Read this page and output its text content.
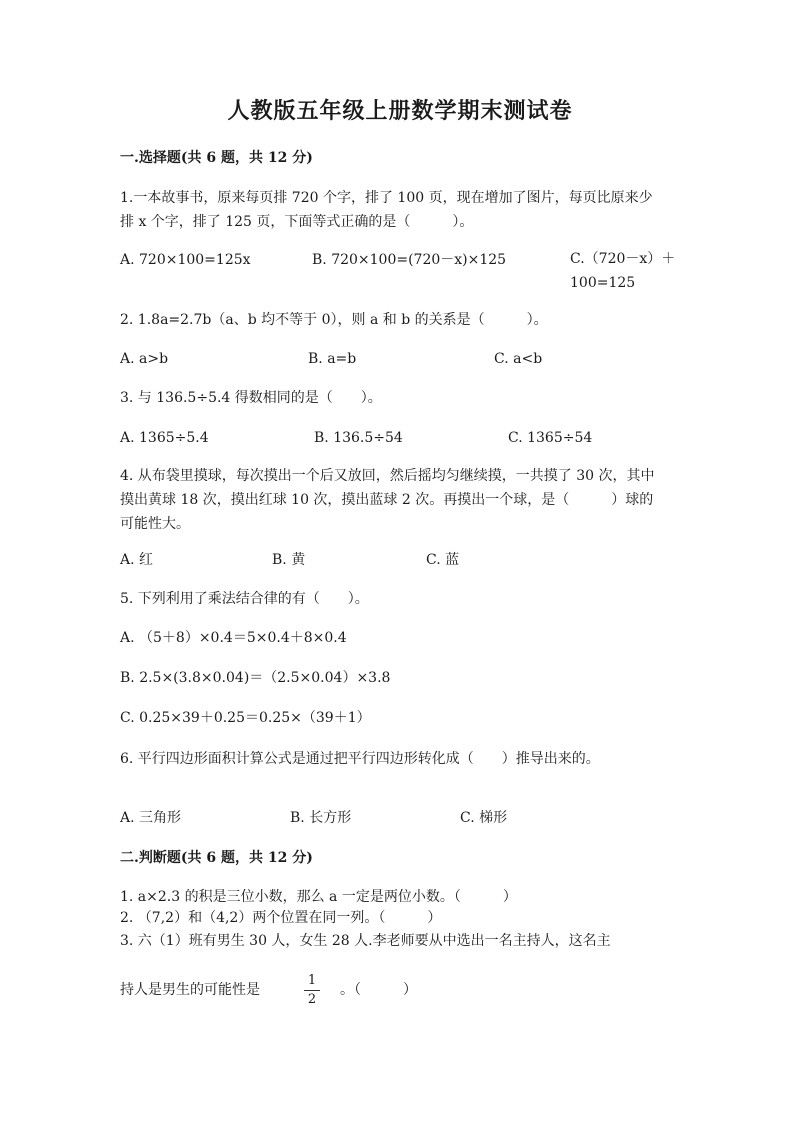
人教版五年级上册数学期末测试卷
一.选择题(共 6 题，共 12 分)
1.一本故事书，原来每页排 720 个字，排了 100 页，现在增加了图片，每页比原来少排 x 个字，排了 125 页，下面等式正确的是（　　　）。
A. 720×100=125x	B. 720×100=(720－x)×125	C.（720－x）＋100=125
2. 1.8a=2.7b（a、b 均不等于 0），则 a 和 b 的关系是（　　　）。
A. a>b	B. a=b	C. a<b
3. 与 136.5÷5.4 得数相同的是（　　）。
A. 1365÷5.4	B. 136.5÷54	C. 1365÷54
4. 从布袋里摸球，每次摸出一个后又放回，然后摇均匀继续摸，一共摸了 30 次，其中摸出黄球 18 次，摸出红球 10 次，摸出蓝球 2 次。再摸出一个球，是（　　　）球的可能性大。
A. 红	B. 黄	C. 蓝
5. 下列利用了乘法结合律的有（　　）。
A. （5＋8）×0.4＝5×0.4＋8×0.4
B. 2.5×(3.8×0.04)＝（2.5×0.04）×3.8
C. 0.25×39＋0.25＝0.25×（39＋1）
6. 平行四边形面积计算公式是通过把平行四边形转化成（　　）推导出来的。
A. 三角形	B. 长方形	C. 梯形
二.判断题(共 6 题，共 12 分)
1. a×2.3 的积是三位小数，那么 a 一定是两位小数。（　　　）
2. （7,2）和（4,2）两个位置在同一列。（　　　）
3. 六（1）班有男生 30 人，女生 28 人.李老师要从中选出一名主持人，这名主
持人是男生的可能性是
1
2
。（　　　）
